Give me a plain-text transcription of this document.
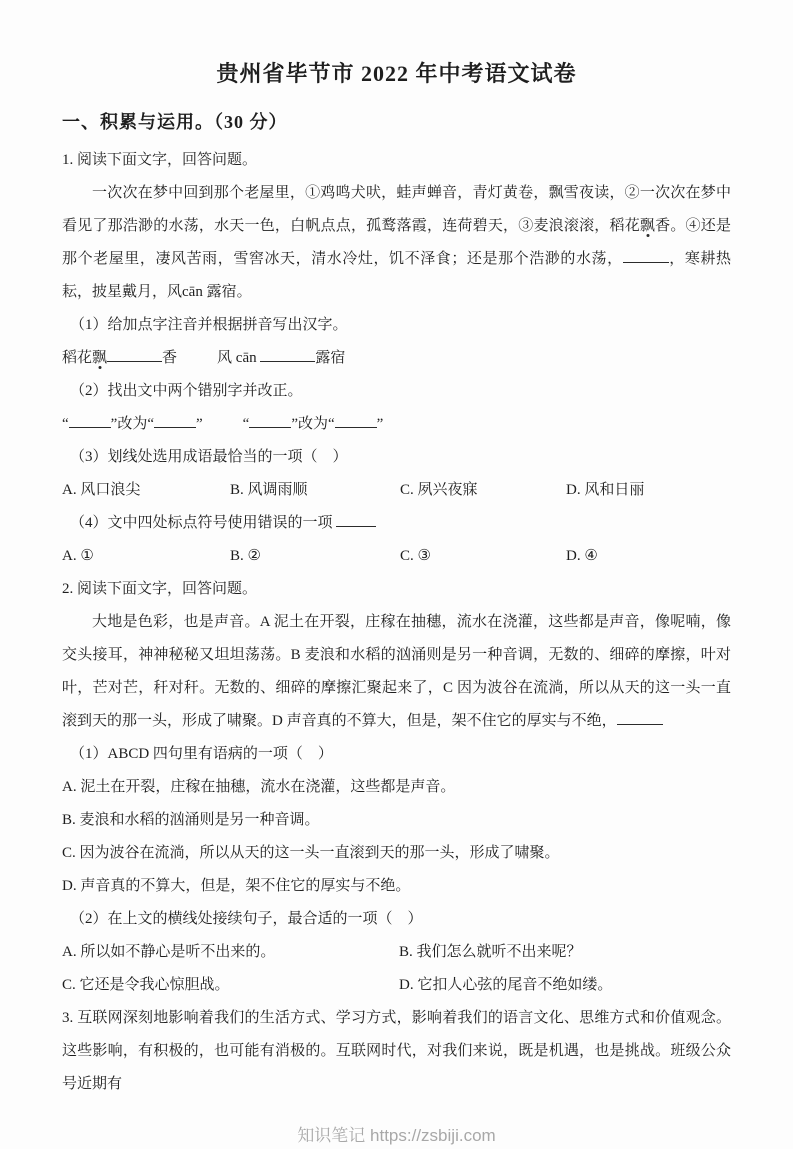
贵州省毕节市 2022 年中考语文试卷
一、积累与运用。（30 分）
1. 阅读下面文字，回答问题。

一次次在梦中回到那个老屋里，①鸡鸣犬吠，蛙声蝉音，青灯黄卷，飘雪夜读，②一次次在梦中看见了那浩渺的水荡，水天一色，白帆点点，孤鹜落霞，连荷碧天，③麦浪滚滚，稻花飘香。④还是那个老屋里，凄风苦雨，雪窖冰天，清水冷灶，饥不泽食；还是那个浩渺的水荡，	，寒耕热耘，披星戴月，风cān 露宿。

（1）给加点字注音并根据拼音写出汉字。
稻花飘	香	风 cān	露宿
（2）找出文中两个错别字并改正。
“	”改为“	”	“	”改为“	”
（3）划线处选用成语最恰当的一项（　）
A. 风口浪尖	B. 风调雨顺	C. 夙兴夜寐	D. 风和日丽
（4）文中四处标点符号使用错误的一项
A. ①	B. ②	C. ③	D. ④
2. 阅读下面文字，回答问题。

大地是色彩，也是声音。A 泥土在开裂，庄稼在抽穗，流水在浇灌，这些都是声音，像呢喃，像交头接耳，神神秘秘又坦坦荡荡。B 麦浪和水稻的汹涌则是另一种音调，无数的、细碎的摩擦，叶对叶，芒对芒，秆对秆。无数的、细碎的摩擦汇聚起来了，C 因为波谷在流淌，所以从天的这一头一直滚到天的那一头，形成了啸聚。D 声音真的不算大，但是，架不住它的厚实与不绝，

（1）ABCD 四句里有语病的一项（　）
A. 泥土在开裂，庄稼在抽穗，流水在浇灌，这些都是声音。
B. 麦浪和水稻的汹涌则是另一种音调。
C. 因为波谷在流淌，所以从天的这一头一直滚到天的那一头，形成了啸聚。
D. 声音真的不算大，但是，架不住它的厚实与不绝。
（2）在上文的横线处接续句子，最合适的一项（　）
A. 所以如不静心是听不出来的。	B. 我们怎么就听不出来呢？
C. 它还是令我心惊胆战。	D. 它扣人心弦的尾音不绝如缕。

3. 互联网深刻地影响着我们的生活方式、学习方式，影响着我们的语言文化、思维方式和价值观念。这些影响，有积极的，也可能有消极的。互联网时代，对我们来说，既是机遇，也是挑战。班级公众号近期有

知识笔记 https://zsbiji.com
